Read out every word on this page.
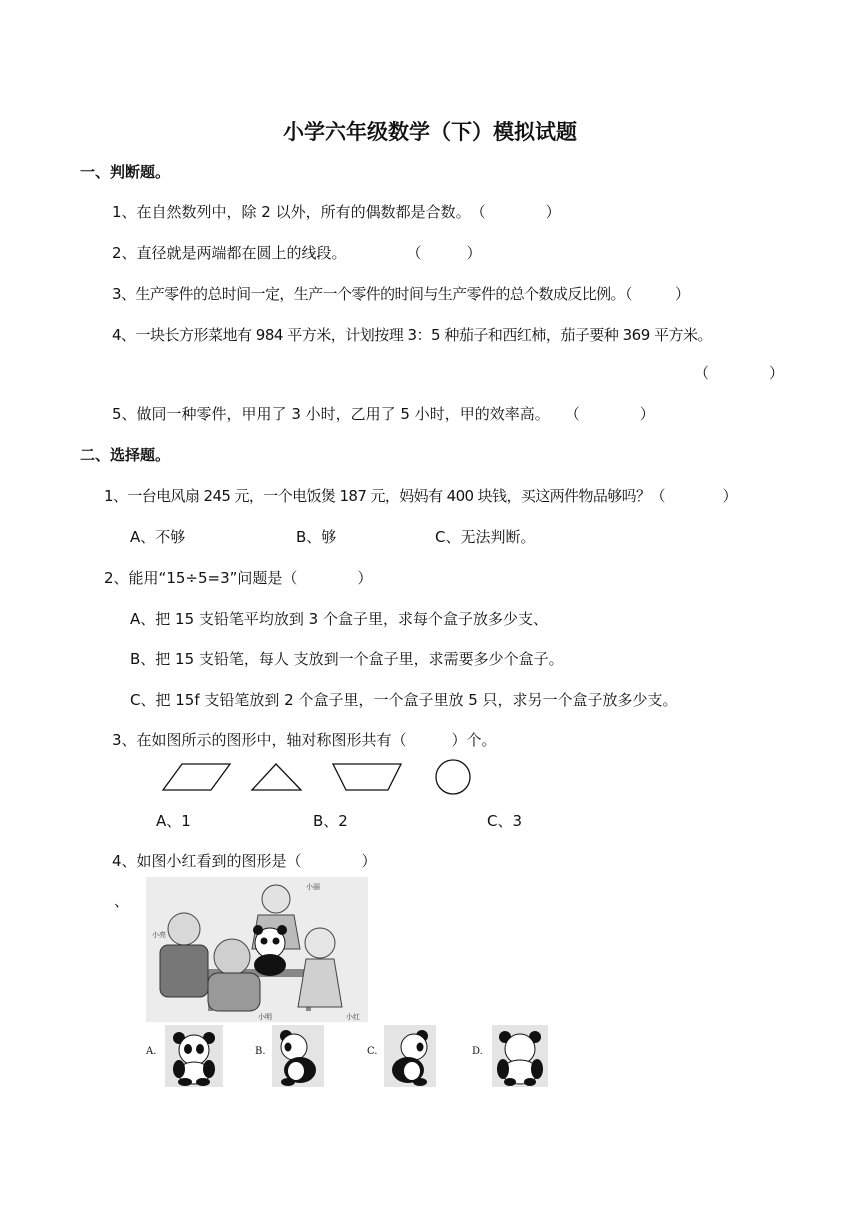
小学六年级数学（下）模拟试题
一、判断题。
1、在自然数列中，除 2 以外，所有的偶数都是合数。　（　　　　）
2、直径就是两端都在圆上的线段。　　　　　（　　　）
3、生产零件的总时间一定，生产一个零件的时间与生产零件的总个数成反比例。（　　　）
4、一块长方形菜地有 984 平方米，计划按理 3：5 种茄子和西红柿，茄子要种 369 平方米。
（　　　　）
5、做同一种零件，甲用了 3 小时，乙用了 5 小时，甲的效率高。　　（　　　　）
二、选择题。
1、一台电风扇 245 元，一个电饭煲 187 元，妈妈有 400 块钱，买这两件物品够吗？（　　　　）
A、不够	B、够	C、无法判断。
2、能用“15÷5=3”问题是（　　　　）
A、把 15 支铅笔平均放到 3 个盒子里，求每个盒子放多少支、
B、把 15 支铅笔，每人 支放到一个盒子里，求需要多少个盒子。
C、把 15f 支铅笔放到 2 个盒子里，一个盒子里放 5 只，求另一个盒子放多少支。
3、在如图所示的图形中，轴对称图形共有（　　　）个。
A、1	B、2	C、3
4、如图小红看到的图形是（　　　　）
、
小丽
小亮
小明	小红
A.	B.	C.	D.
